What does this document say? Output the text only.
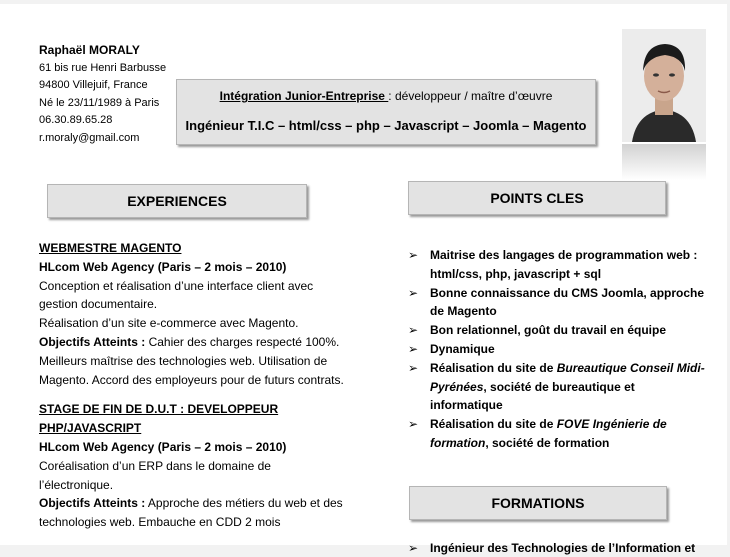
Raphaël MORALY
61 bis rue Henri Barbusse
94800 Villejuif, France
Né le 23/11/1989 à Paris
06.30.89.65.28
r.moraly@gmail.com
Intégration Junior-Entreprise : développeur / maître d’œuvre
Ingénieur T.I.C – html/css – php – Javascript – Joomla – Magento
EXPERIENCES	POINTS CLES
FORMATIONS

WEBMESTRE MAGENTO

HLcom Web Agency (Paris – 2 mois – 2010)

Conception et réalisation d’une interface client avec gestion documentaire.

Réalisation d’un site e-commerce avec Magento.

Objectifs Atteints : Cahier des charges respecté 100%. Meilleurs maîtrise des technologies web. Utilisation de Magento. Accord des employeurs pour de futurs contrats.

STAGE DE FIN DE D.U.T : DEVELOPPEUR PHP/JAVASCRIPT

HLcom Web Agency (Paris – 2 mois – 2010)

Coréalisation d’un ERP dans le domaine de l’électronique.

Objectifs Atteints : Approche des métiers du web et des technologies web. Embauche en CDD 2 mois

➢ Maitrise des langages de programmation web : html/css, php, javascript + sql
➢ Bonne connaissance du CMS Joomla, approche de Magento
➢ Bon relationnel, goût du travail en équipe
➢ Dynamique
➢ Réalisation du site de Bureautique Conseil Midi-Pyrénées, société de bureautique et informatique
➢ Réalisation du site de FOVE Ingénierie de formation, société de formation
➢ Ingénieur des Technologies de l’Information et
